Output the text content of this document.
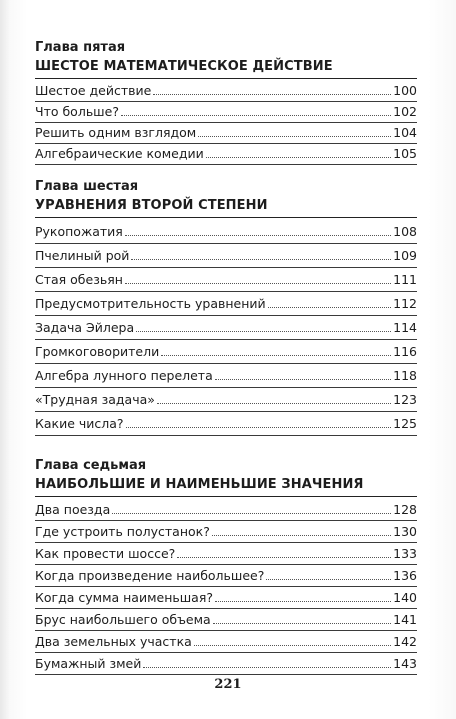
Глава пятая

ШЕСТОЕ МАТЕМАТИЧЕСКОЕ ДЕЙСТВИЕ

Шестое действие	100
Что больше?	102
Решить одним взглядом	104
Алгебраические комедии	105

Глава шестая

УРАВНЕНИЯ ВТОРОЙ СТЕПЕНИ

Рукопожатия	108
Пчелиный рой	109
Стая обезьян	111
Предусмотрительность уравнений	112
Задача Эйлера	114
Громкоговорители	116
Алгебра лунного перелета	118
«Трудная задача»	123
Какие числа?	125

Глава седьмая

НАИБОЛЬШИЕ И НАИМЕНЬШИЕ ЗНАЧЕНИЯ

Два поезда	128
Где устроить полустанок?	130
Как провести шоссе?	133
Когда произведение наибольшее?	136
Когда сумма наименьшая?	140
Брус наибольшего объема	141
Два земельных участка	142
Бумажный змей	143
221
